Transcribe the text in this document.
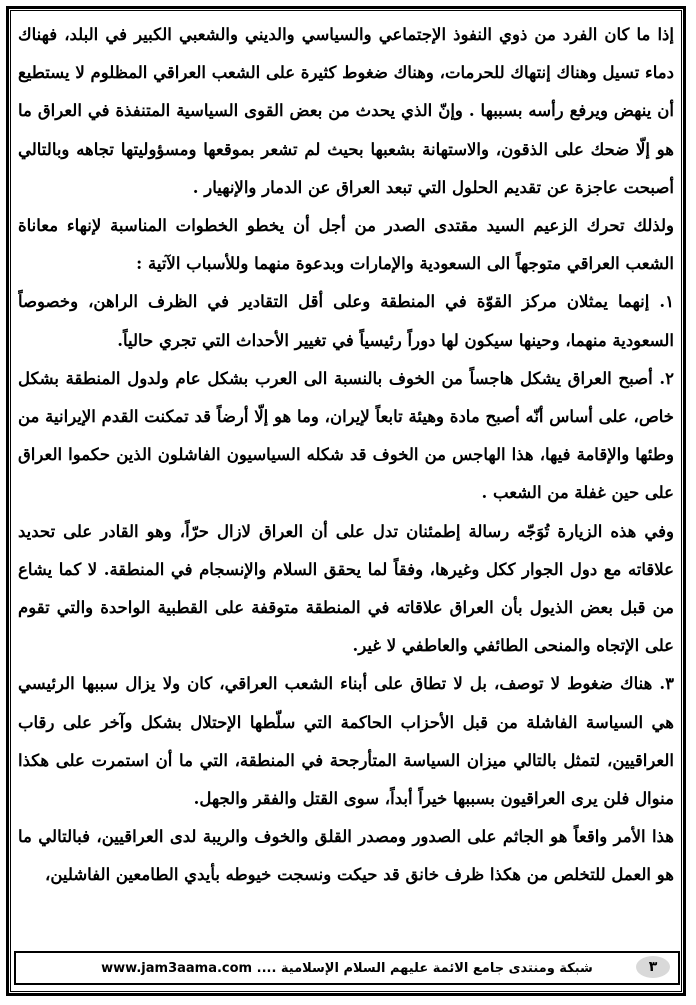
إذا ما كان الفرد من ذوي النفوذ الإجتماعي والسياسي والديني والشعبي الكبير في البلد، فهناك دماء تسيل وهناك إنتهاك للحرمات، وهناك ضغوط كثيرة على الشعب العراقي المظلوم لا يستطيع أن ينهض ويرفع رأسه بسببها . وإنّ الذي يحدث من بعض القوى السياسية المتنفذة في العراق ما هو إلّا ضحك على الذقون، والاستهانة بشعبها بحيث لم تشعر بموقعها ومسؤوليتها تجاهه وبالتالي أصبحت عاجزة عن تقديم الحلول التي تبعد العراق عن الدمار والإنهيار .

ولذلك تحرك الزعيم السيد مقتدى الصدر من أجل أن يخطو الخطوات المناسبة لإنهاء معاناة الشعب العراقي متوجهاً الى السعودية والإمارات وبدعوة منهما وللأسباب الآتية :

١. إنهما يمثلان مركز القوّة في المنطقة وعلى أقل التقادير في الظرف الراهن، وخصوصاً السعودية منهما، وحينها سيكون لها دوراً رئيسياً في تغيير الأحداث التي تجري حالياً.

٢. أصبح العراق يشكل هاجساً من الخوف بالنسبة الى العرب بشكل عام ولدول المنطقة بشكل خاص، على أساس أنّه أصبح مادة وهيئة تابعاً لإيران، وما هو إلّا أرضاً قد تمكنت القدم الإيرانية من وطئها والإقامة فيها، هذا الهاجس من الخوف قد شكله السياسيون الفاشلون الذين حكموا العراق على حين غفلة من الشعب .

وفي هذه الزيارة تُوَجّه رسالة إطمئنان تدل على أن العراق لازال حرّاً، وهو القادر على تحديد علاقاته مع دول الجوار ككل وغيرها، وفقاً لما يحقق السلام والإنسجام في المنطقة. لا كما يشاع من قبل بعض الذيول بأن العراق علاقاته في المنطقة متوقفة على القطبية الواحدة والتي تقوم على الإتجاه والمنحى الطائفي والعاطفي لا غير.

٣. هناك ضغوط لا توصف، بل لا تطاق على أبناء الشعب العراقي، كان ولا يزال سببها الرئيسي هي السياسة الفاشلة من قبل الأحزاب الحاكمة التي سلّطها الإحتلال بشكل وآخر على رقاب العراقيين، لتمثل بالتالي ميزان السياسة المتأرجحة في المنطقة، التي ما أن استمرت على هكذا منوال فلن يرى العراقيون بسببها خيراً أبداً، سوى القتل والفقر والجهل.

هذا الأمر واقعاً هو الجاثم على الصدور ومصدر القلق والخوف والريبة لدى العراقيين، فبالتالي ما هو العمل للتخلص من هكذا ظرف خانق قد حيكت ونسجت خيوطه بأيدي الطامعين الفاشلين،

شبكة ومنتدى جامع الائمة عليهم السلام الإسلامية .... www.jam3aama.com	٣
